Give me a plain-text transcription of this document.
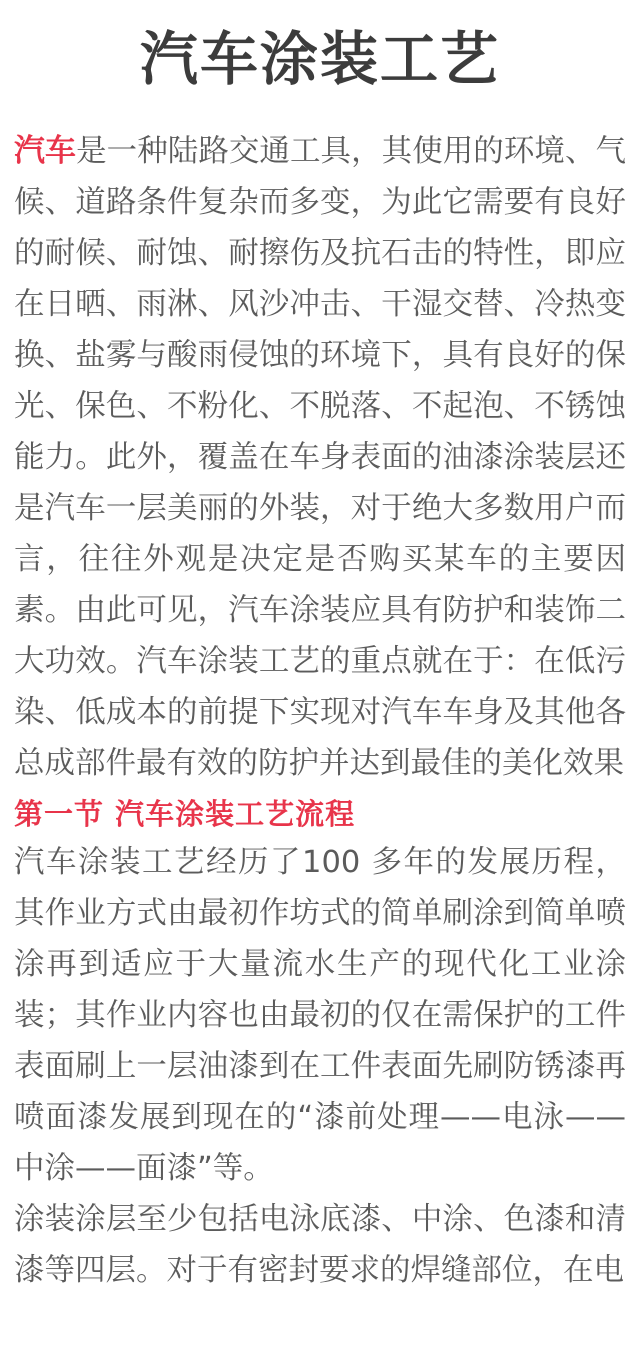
汽车涂装工艺

汽车是一种陆路交通工具，其使用的环境、气候、道路条件复杂而多变，为此它需要有良好的耐候、耐蚀、耐擦伤及抗石击的特性，即应在日晒、雨淋、风沙冲击、干湿交替、冷热变换、盐雾与酸雨侵蚀的环境下，具有良好的保光、保色、不粉化、不脱落、不起泡、不锈蚀能力。此外，覆盖在车身表面的油漆涂装层还是汽车一层美丽的外装，对于绝大多数用户而言，往往外观是决定是否购买某车的主要因素。由此可见，汽车涂装应具有防护和装饰二大功效。汽车涂装工艺的重点就在于：在低污染、低成本的前提下实现对汽车车身及其他各总成部件最有效的防护并达到最佳的美化效果

第一节 汽车涂装工艺流程

汽车涂装工艺经历了100 多年的发展历程，其作业方式由最初作坊式的简单刷涂到简单喷涂再到适应于大量流水生产的现代化工业涂装；其作业内容也由最初的仅在需保护的工件表面刷上一层油漆到在工件表面先刷防锈漆再喷面漆发展到现在的“漆前处理——电泳——中涂——面漆”等。

涂装涂层至少包括电泳底漆、中涂、色漆和清漆等四层。对于有密封要求的焊缝部位，在电
